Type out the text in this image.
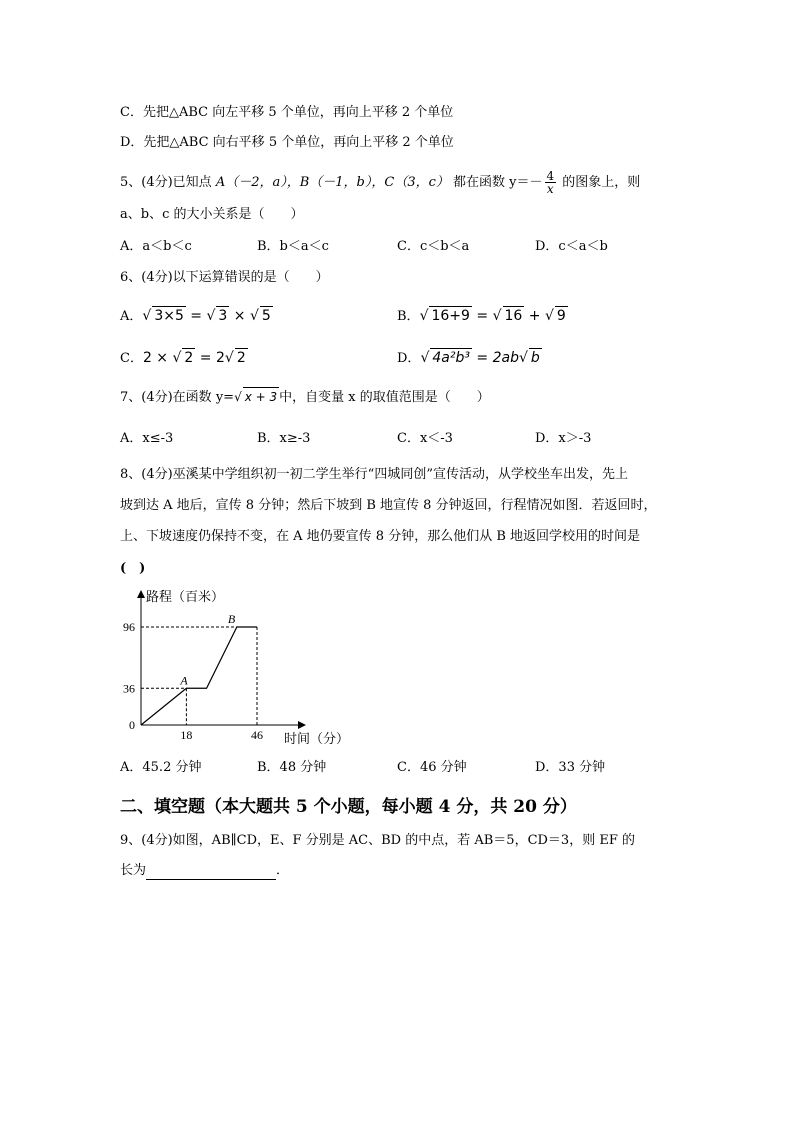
C．先把△ABC 向左平移 5 个单位，再向上平移 2 个单位
D．先把△ABC 向右平移 5 个单位，再向上平移 2 个单位
5、(4分)已知点 A（－2，a），B（－1，b），C（3，c） 都在函数 $y=- \frac{4}{x}$ 的图象上，则
a、b、c 的大小关系是（　　）
A．a＜b＜c	B．b＜a＜c	C．c＜b＜a	D．c＜a＜b
6、(4分)以下运算错误的是（　　）
A．√ 3×5 = √ 3 × √ 5	B．√ 16+9 = √ 16 + √ 9
C．2 × √ 2 = 2√ 2	D．√ 4a²b³ = 2ab√ b
7、(4分)在函数 y=√ x + 3 中，自变量 x 的取值范围是（　　）
A．x≤-3	B．x≥-3	C．x＜-3	D．x＞-3
8、(4分)巫溪某中学组织初一初二学生举行“四城同创”宣传活动，从学校坐车出发，先上
坡到达 A 地后，宣传 8 分钟；然后下坡到 B 地宣传 8 分钟返回，行程情况如图．若返回时，
上、下坡速度仍保持不变，在 A 地仍要宣传 8 分钟，那么他们从 B 地返回学校用的时间是
(　)
路程（百米）
时间（分）
96
36
0
18	46
A
B
A．45.2 分钟	B．48 分钟	C．46 分钟	D．33 分钟
二、填空题（本大题共 5 个小题，每小题 4 分，共 20 分）
9、(4分)如图，AB∥CD，E、F 分别是 AC、BD 的中点，若 AB＝5，CD＝3，则 EF 的
长为	．
